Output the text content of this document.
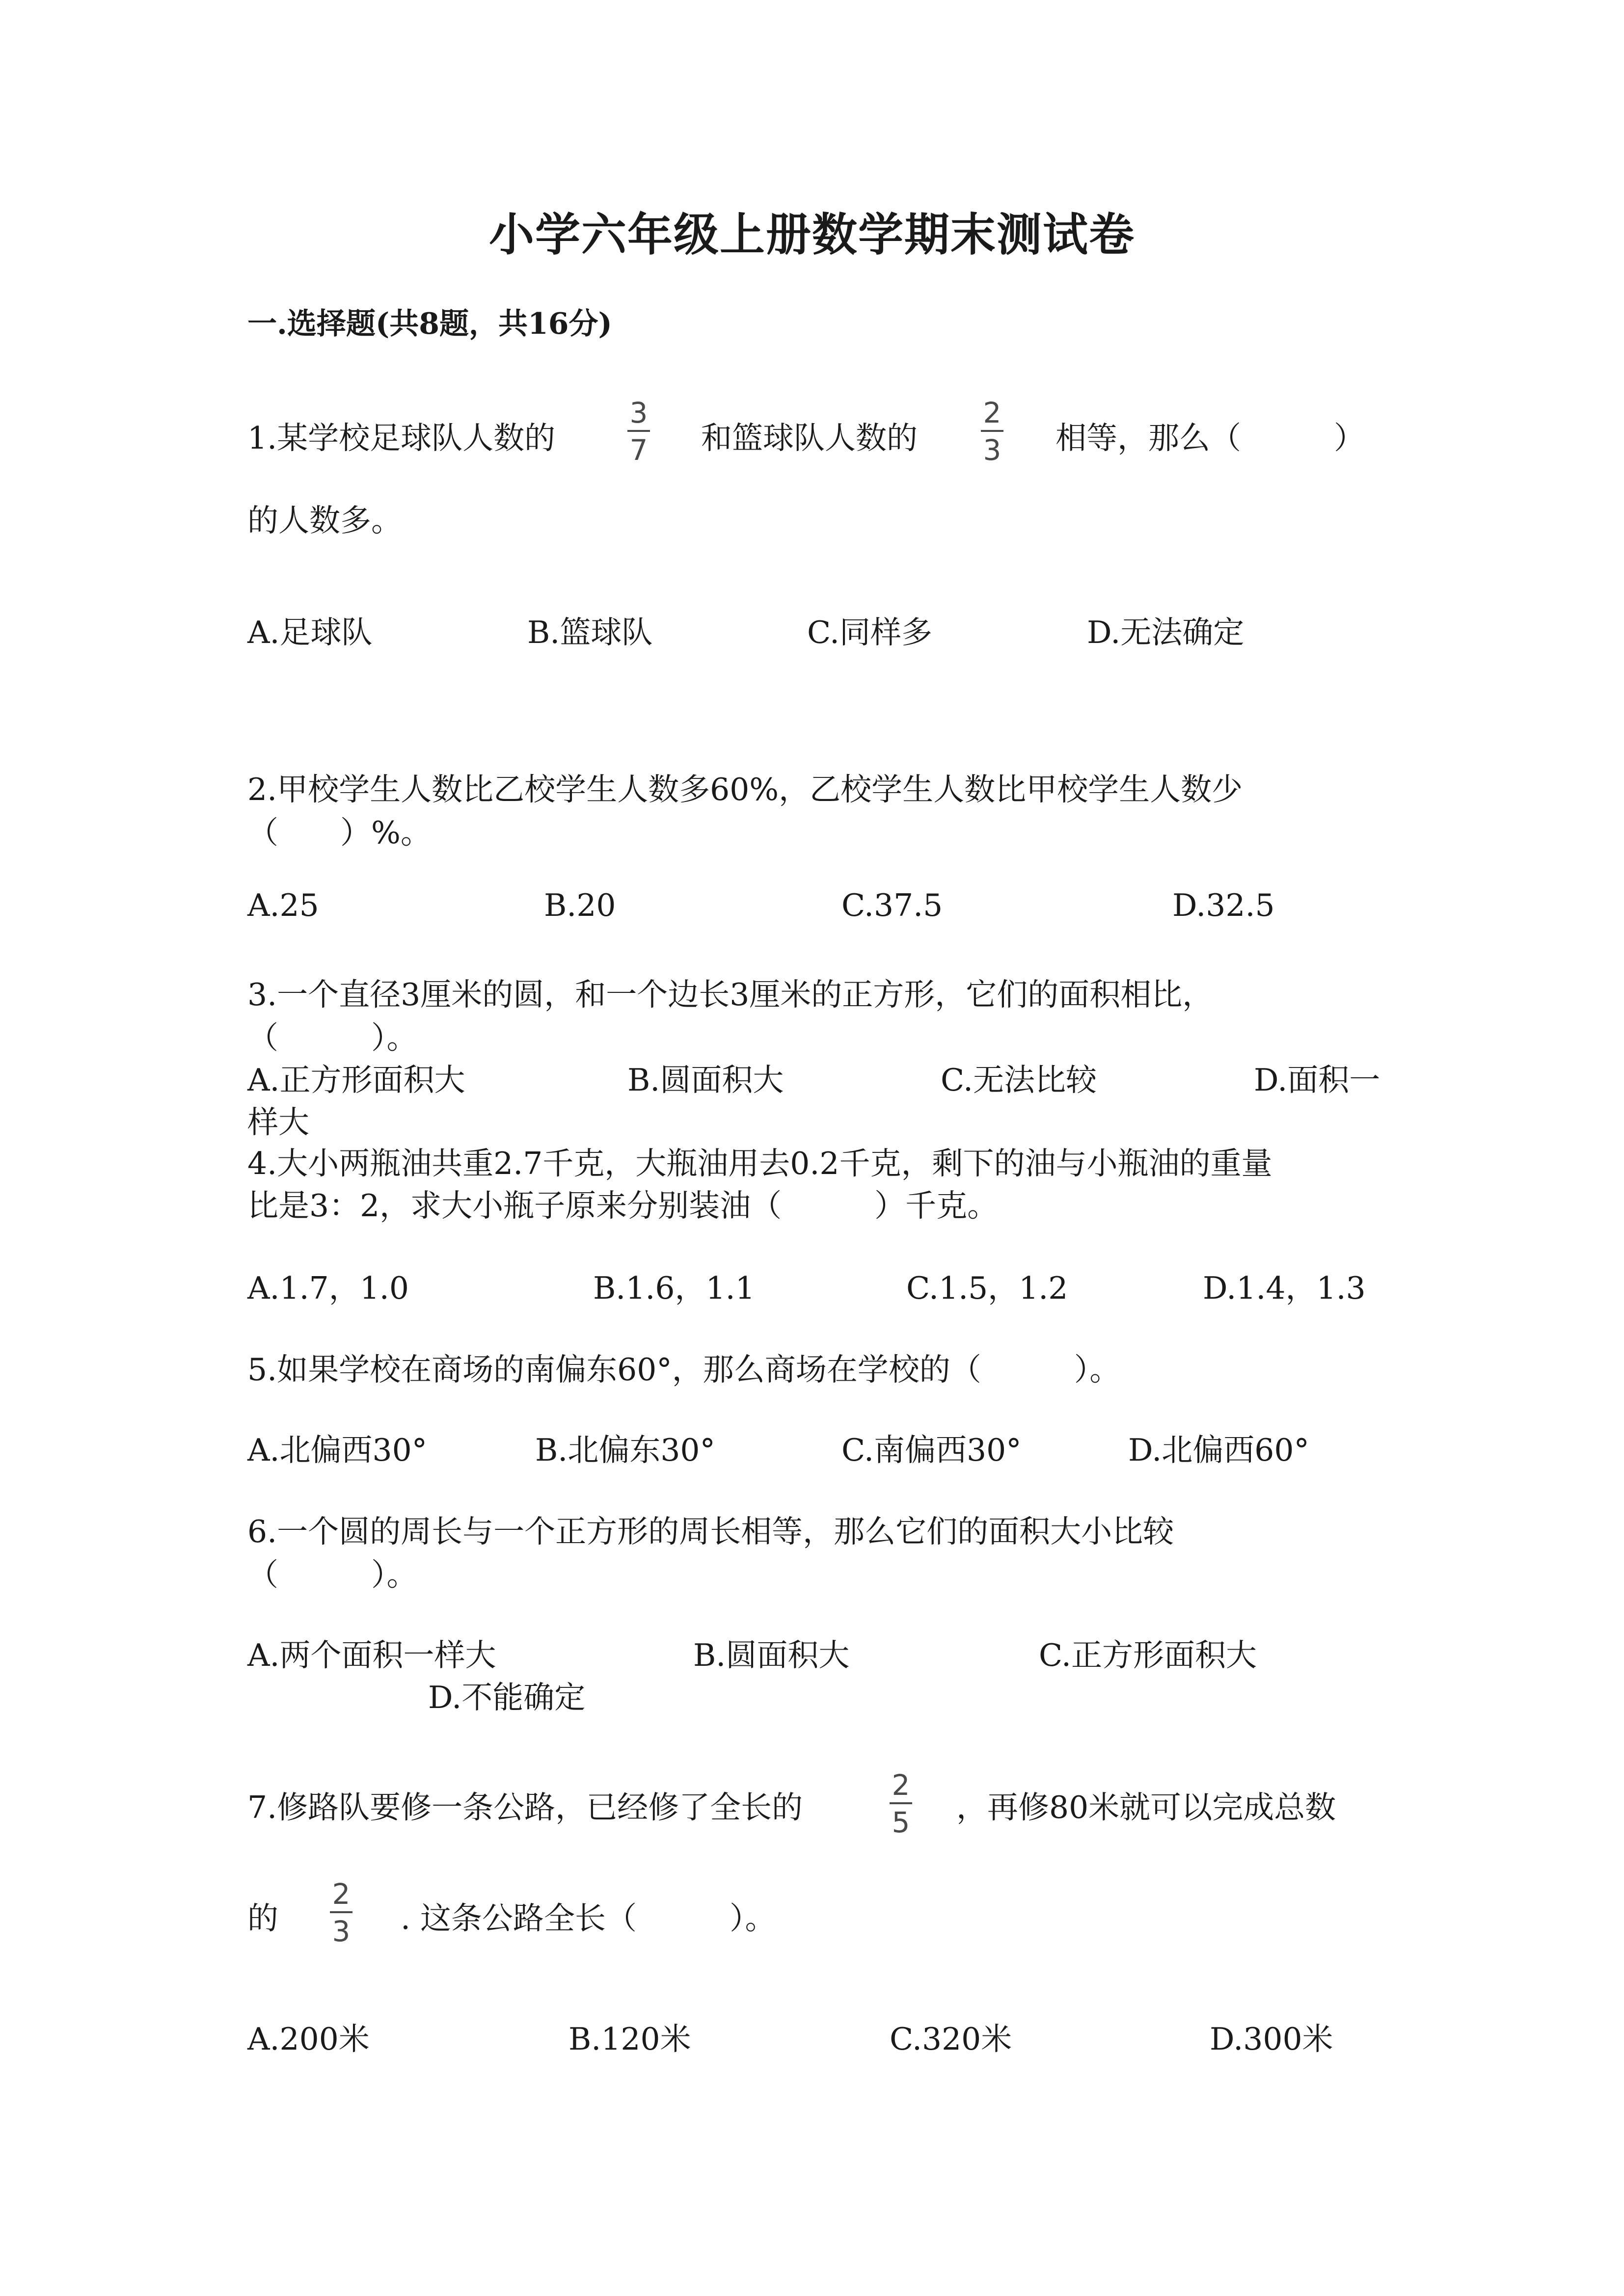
小学六年级上册数学期末测试卷
一.选择题(共8题，共16分)
1.某学校足球队人数的
3
7 和篮球队人数的
2
3 相等，那么（　　　）
的人数多。
A.足球队	B.篮球队	C.同样多	D.无法确定
2.甲校学生人数比乙校学生人数多60%，乙校学生人数比甲校学生人数少
（　　）%。
A.25	B.20	C.37.5	D.32.5
3.一个直径3厘米的圆，和一个边长3厘米的正方形，它们的面积相比，
（　　　）。
A.正方形面积大	B.圆面积大	C.无法比较	D.面积一
样大
4.大小两瓶油共重2.7千克，大瓶油用去0.2千克，剩下的油与小瓶油的重量
比是3：2，求大小瓶子原来分别装油（　　　）千克。
A.1.7，1.0	B.1.6，1.1	C.1.5，1.2	D.1.4，1.3
5.如果学校在商场的南偏东60°，那么商场在学校的（　　　）。
A.北偏西30°	B.北偏东30°	C.南偏西30°	D.北偏西60°
6.一个圆的周长与一个正方形的周长相等，那么它们的面积大小比较
（　　　）。
A.两个面积一样大	B.圆面积大	C.正方形面积大
D.不能确定
7.修路队要修一条公路，已经修了全长的
2
5 ，再修80米就可以完成总数
的
2
3 . 这条公路全长（　　　）。
A.200米	B.120米	C.320米	D.300米
